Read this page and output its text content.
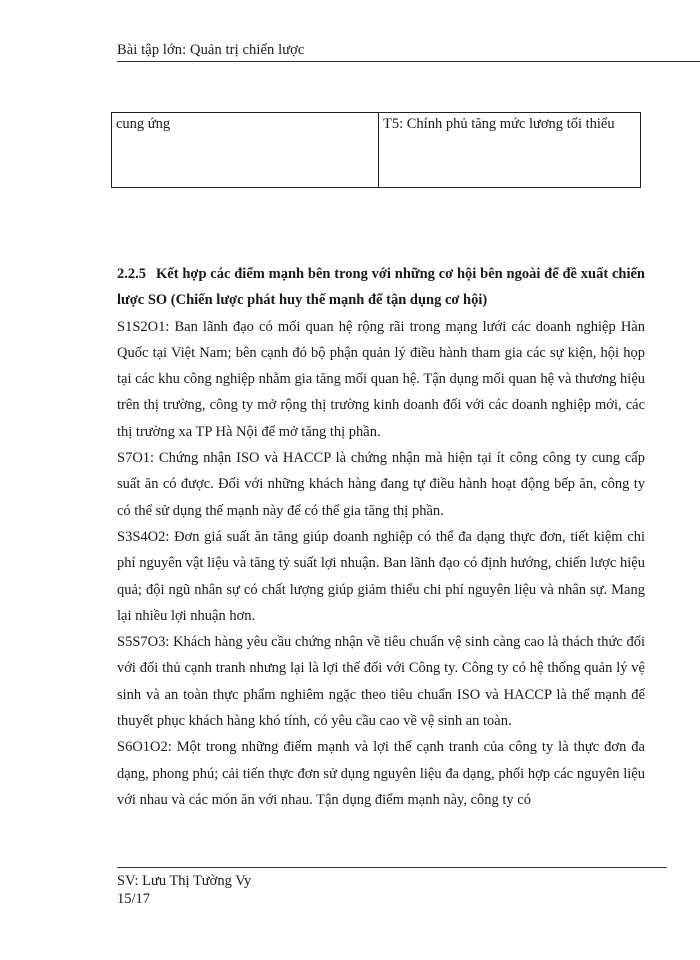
Bài tập lớn: Quản trị chiến lược
cung ứng	T5: Chính phủ tăng mức lương tối thiểu

2.2.5 Kết hợp các điểm mạnh bên trong với những cơ hội bên ngoài để đề xuất chiến lược SO (Chiến lược phát huy thế mạnh để tận dụng cơ hội)

S1S2O1: Ban lãnh đạo có mối quan hệ rộng rãi trong mạng lưới các doanh nghiệp Hàn Quốc tại Việt Nam; bên cạnh đó bộ phận quản lý điều hành tham gia các sự kiện, hội họp tại các khu công nghiệp nhằm gia tăng mối quan hệ. Tận dụng mối quan hệ và thương hiệu trên thị trường, công ty mở rộng thị trường kinh doanh đối với các doanh nghiệp mới, các thị trường xa TP Hà Nội để mở tăng thị phần.

S7O1: Chứng nhận ISO và HACCP là chứng nhận mà hiện tại ít công công ty cung cấp suất ăn có được. Đối với những khách hàng đang tự điều hành hoạt động bếp ăn, công ty có thể sử dụng thế mạnh này để có thể gia tăng thị phần.

S3S4O2: Đơn giá suất ăn tăng giúp doanh nghiệp có thể đa dạng thực đơn, tiết kiệm chi phí nguyên vật liệu và tăng tỷ suất lợi nhuận. Ban lãnh đạo có định hướng, chiến lược hiệu quả; đội ngũ nhân sự có chất lượng giúp giảm thiểu chi phí nguyên liệu và nhân sự. Mang lại nhiều lợi nhuận hơn.

S5S7O3: Khách hàng yêu cầu chứng nhận về tiêu chuẩn vệ sinh càng cao là thách thức đối với đối thủ cạnh tranh nhưng lại là lợi thế đối với Công ty. Công ty có hệ thống quản lý vệ sinh và an toàn thực phẩm nghiêm ngặc theo tiêu chuẩn ISO và HACCP là thế mạnh để thuyết phục khách hàng khó tính, có yêu cầu cao về vệ sinh an toàn.

S6O1O2: Một trong những điểm mạnh và lợi thế cạnh tranh của công ty là thực đơn đa dạng, phong phú; cải tiến thực đơn sử dụng nguyên liệu đa dạng, phối hợp các nguyên liệu với nhau và các món ăn với nhau. Tận dụng điểm mạnh này, công ty có

SV: Lưu Thị Tường Vy
15/17
